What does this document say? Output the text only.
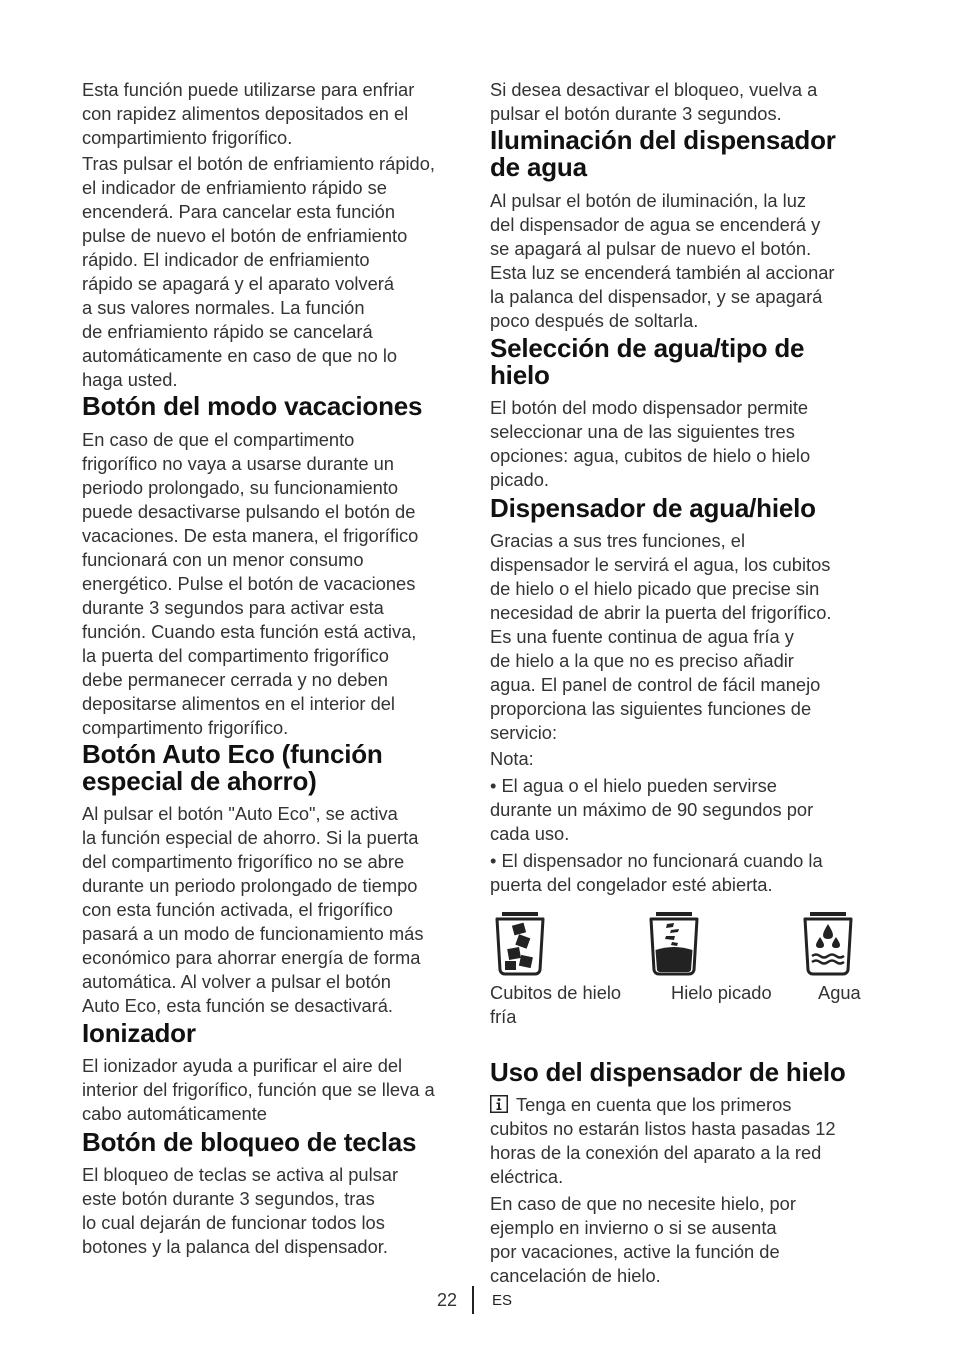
Esta función puede utilizarse para enfriar
con rapidez alimentos depositados en el
compartimiento frigorífico.

Tras pulsar el botón de enfriamiento rápido,
el indicador de enfriamiento rápido se
encenderá. Para cancelar esta función
pulse de nuevo el botón de enfriamiento
rápido. El indicador de enfriamiento
rápido se apagará y el aparato volverá
a sus valores normales. La función
de enfriamiento rápido se cancelará
automáticamente en caso de que no lo
haga usted.

Botón del modo vacaciones

En caso de que el compartimento
frigorífico no vaya a usarse durante un
periodo prolongado, su funcionamiento
puede desactivarse pulsando el botón de
vacaciones. De esta manera, el frigorífico
funcionará con un menor consumo
energético. Pulse el botón de vacaciones
durante 3 segundos para activar esta
función. Cuando esta función está activa,
la puerta del compartimento frigorífico
debe permanecer cerrada y no deben
depositarse alimentos en el interior del
compartimento frigorífico.

Botón Auto Eco (función
especial de ahorro)

Al pulsar el botón "Auto Eco", se activa
la función especial de ahorro. Si la puerta
del compartimento frigorífico no se abre
durante un periodo prolongado de tiempo
con esta función activada, el frigorífico
pasará a un modo de funcionamiento más
económico para ahorrar energía de forma
automática. Al volver a pulsar el botón
Auto Eco, esta función se desactivará.

Ionizador

El ionizador ayuda a purificar el aire del
interior del frigorífico, función que se lleva a
cabo automáticamente

Botón de bloqueo de teclas

El bloqueo de teclas se activa al pulsar
este botón durante 3 segundos, tras
lo cual dejarán de funcionar todos los
botones y la palanca del dispensador.

Si desea desactivar el bloqueo, vuelva a
pulsar el botón durante 3 segundos.

Iluminación del dispensador
de agua

Al pulsar el botón de iluminación, la luz
del dispensador de agua se encenderá y
se apagará al pulsar de nuevo el botón.
Esta luz se encenderá también al accionar
la palanca del dispensador, y se apagará
poco después de soltarla.

Selección de agua/tipo de
hielo

El botón del modo dispensador permite
seleccionar una de las siguientes tres
opciones: agua, cubitos de hielo o hielo
picado.

Dispensador de agua/hielo

Gracias a sus tres funciones, el
dispensador le servirá el agua, los cubitos
de hielo o el hielo picado que precise sin
necesidad de abrir la puerta del frigorífico.
Es una fuente continua de agua fría y
de hielo a la que no es preciso añadir
agua. El panel de control de fácil manejo
proporciona las siguientes funciones de
servicio:

Nota:

• El agua o el hielo pueden servirse
durante un máximo de 90 segundos por
cada uso.

• El dispensador no funcionará cuando la
puerta del congelador esté abierta.

Uso del dispensador de hielo

Tenga en cuenta que los primeros
cubitos no estarán listos hasta pasadas 12
horas de la conexión del aparato a la red
eléctrica.

En caso de que no necesite hielo, por
ejemplo en invierno o si se ausenta
por vacaciones, active la función de
cancelación de hielo.

Cubitos de hielo
fría
Hielo picado	Agua
22 ES
